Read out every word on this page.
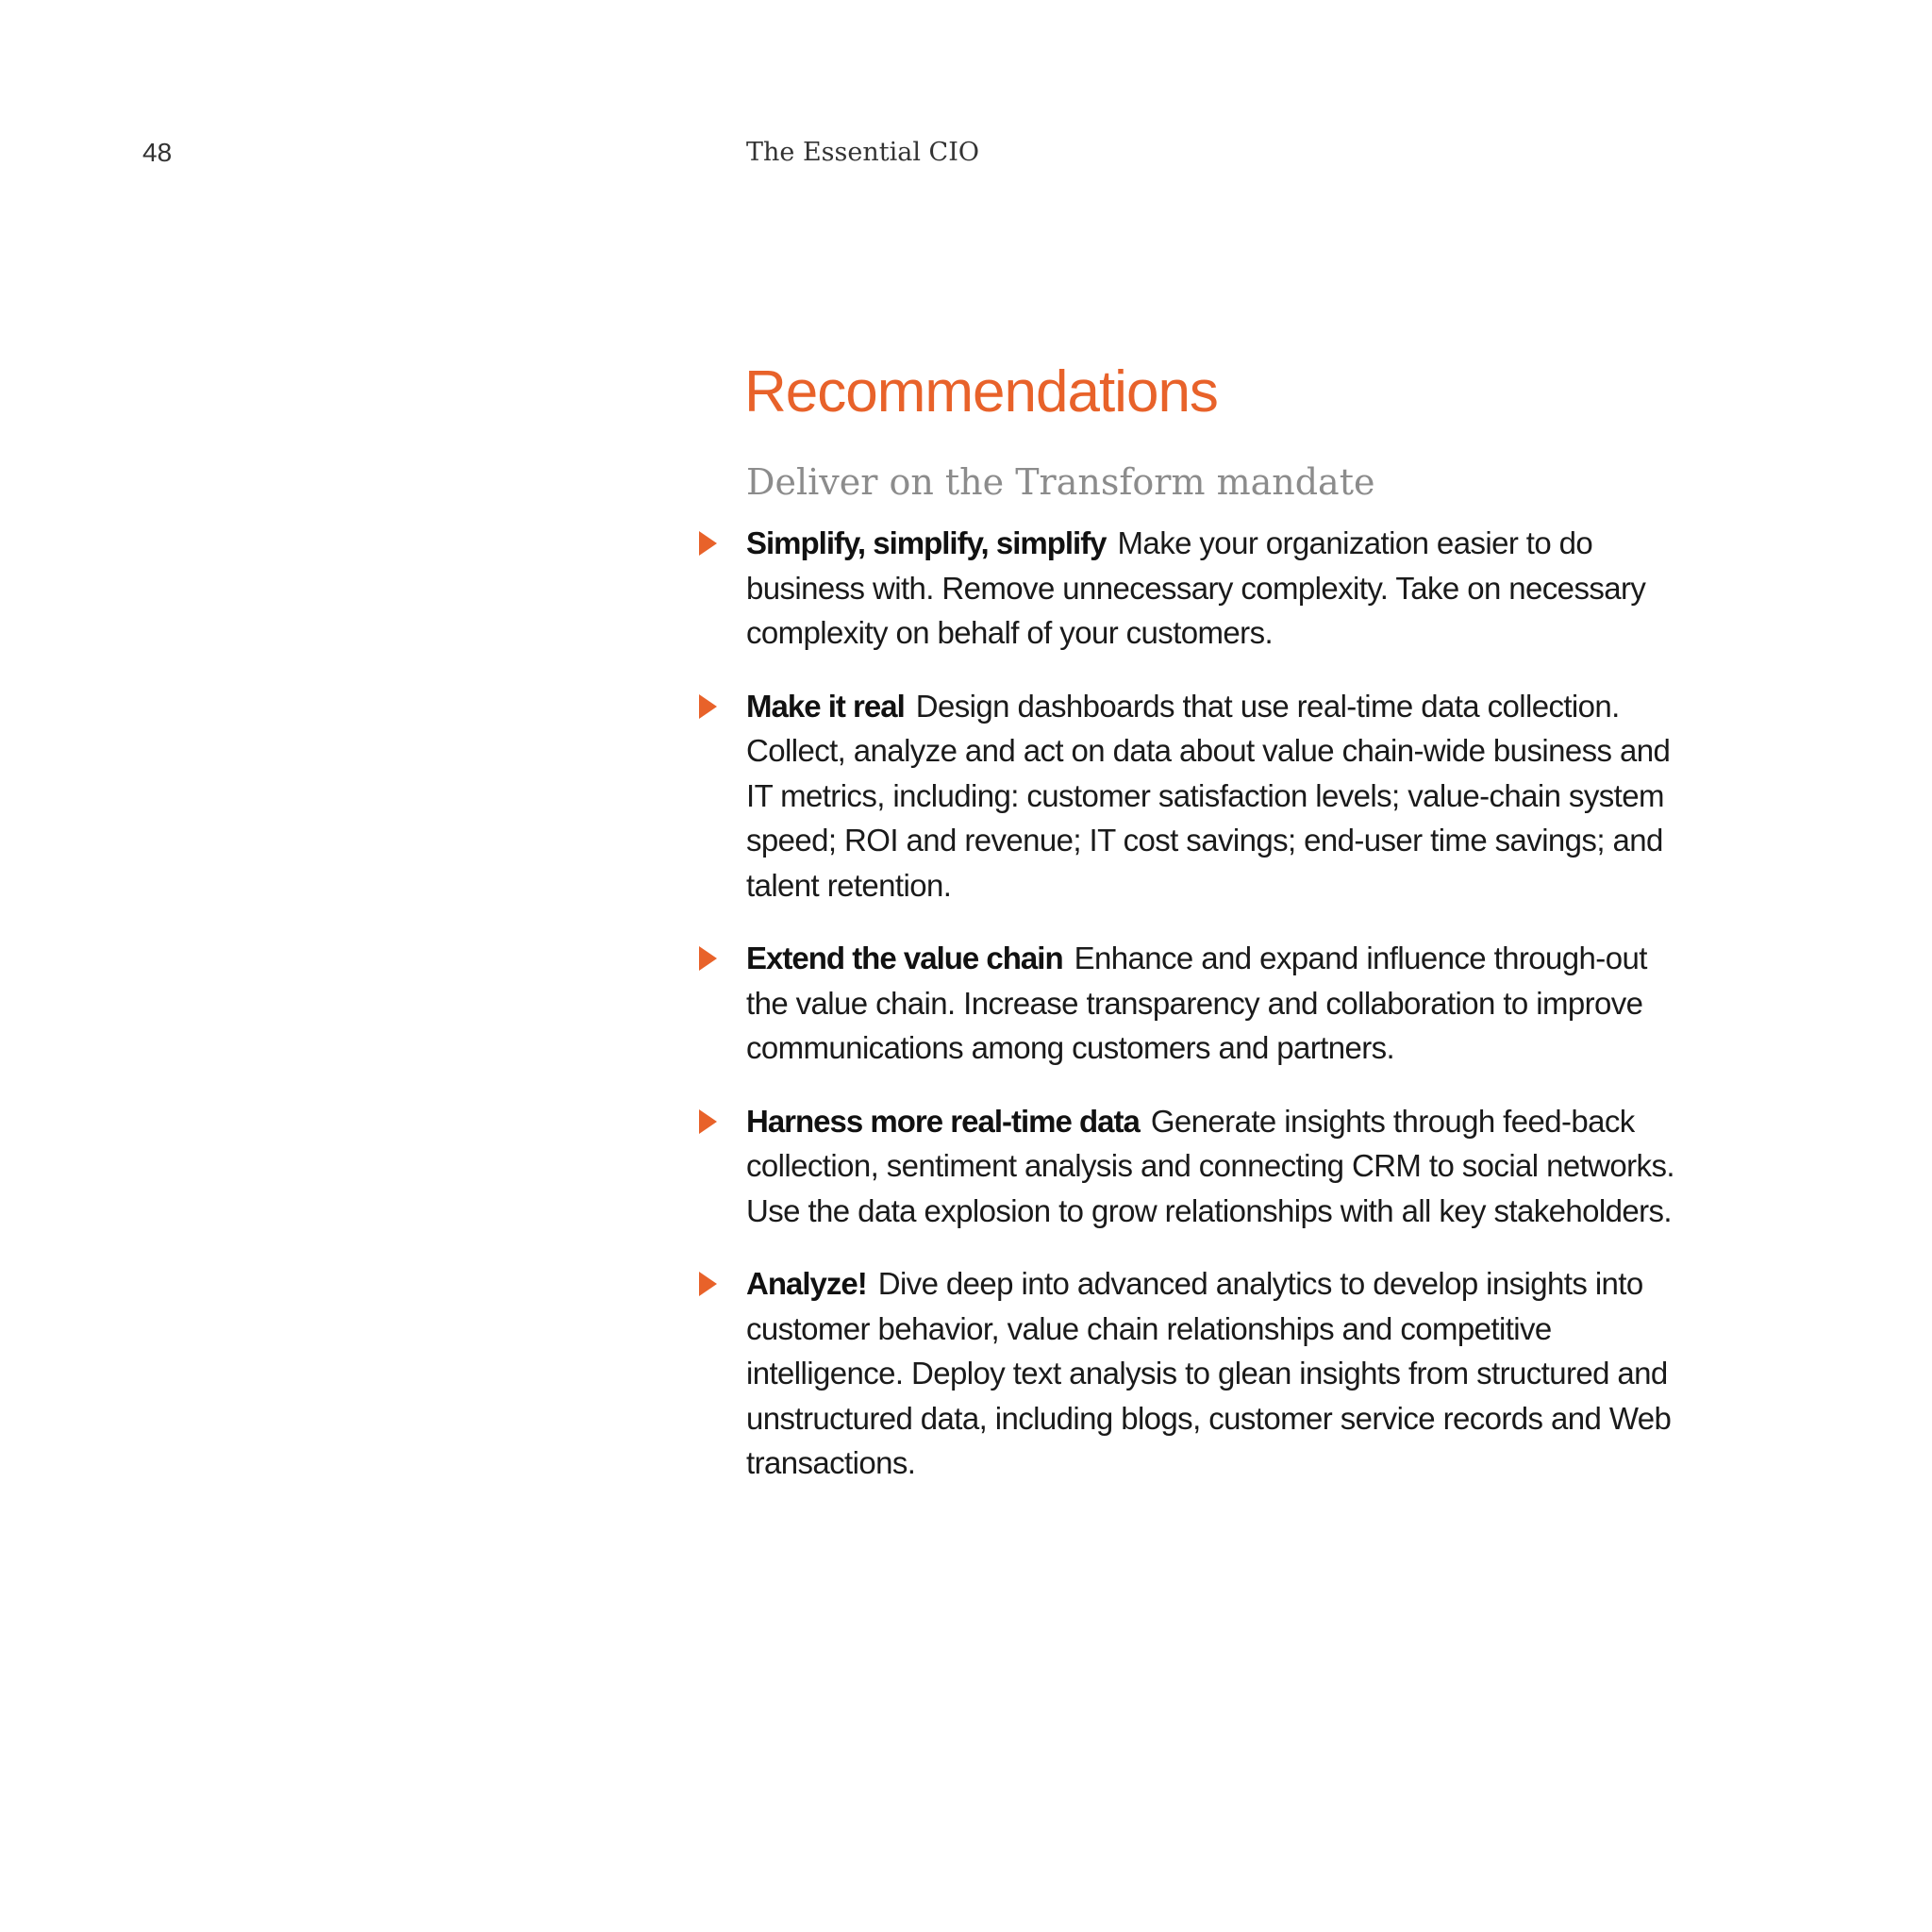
48	The Essential CIO
Recommendations
Deliver on the Transform mandate
Simplify, simplify, simplify Make your organization easier to do business with. Remove unnecessary complexity. Take on necessary complexity on behalf of your customers.
Make it real Design dashboards that use real-time data collection. Collect, analyze and act on data about value chain-wide business and IT metrics, including: customer satisfaction levels; value-chain system speed; ROI and revenue; IT cost savings; end-user time savings; and talent retention.
Extend the value chain Enhance and expand influence through-out the value chain. Increase transparency and collaboration to improve communications among customers and partners.
Harness more real-time data Generate insights through feed-back collection, sentiment analysis and connecting CRM to social networks. Use the data explosion to grow relationships with all key stakeholders.
Analyze! Dive deep into advanced analytics to develop insights into customer behavior, value chain relationships and competitive intelligence. Deploy text analysis to glean insights from structured and unstructured data, including blogs, customer service records and Web transactions.
